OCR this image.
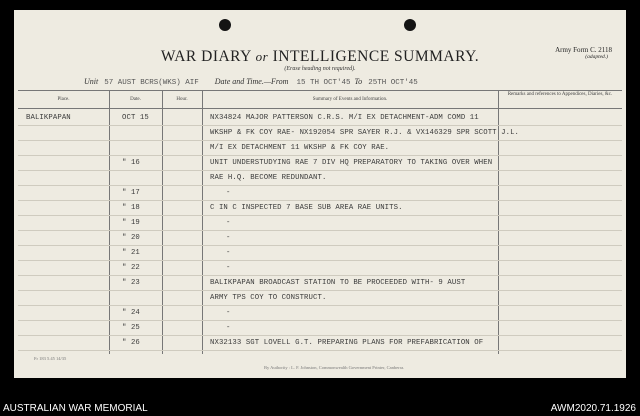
WAR DIARY or INTELLIGENCE SUMMARY.
(Erase heading not required).
Army Form C. 2118
(adapted.)
Unit 57 AUST BCRS(WKS) AIF Date and Time.—From 15 TH OCT'45 To 25TH OCT'45
Place.	Date.	Hour.	Summary of Events and Information.
Remarks and references to Appendices, Diaries, &c.
BALIKPAPAN	OCT 15	NX34824 MAJOR PATTERSON C.R.S. M/I EX DETACHMENT-ADM COMD 11
WKSHP & FK COY RAE- NX192054 SPR SAYER R.J. & VX146329 SPR SCOTT J.L.
M/I EX DETACHMENT 11 WKSHP & FK COY RAE.
" 16	UNIT UNDERSTUDYING RAE 7 DIV HQ PREPARATORY TO TAKING OVER WHEN
RAE H.Q. BECOME REDUNDANT.
" 17	-
" 18	C IN C INSPECTED 7 BASE SUB AREA RAE UNITS.
" 19	-
" 20	-
" 21	-
" 22	-
" 23	BALIKPAPAN BROADCAST STATION TO BE PROCEEDED WITH- 9 AUST
ARMY TPS COY TO CONSTRUCT.
" 24	-
" 25	-
" 26	NX32133 SGT LOVELL G.T. PREPARING PLANS FOR PREFABRICATION OF
Fr 183 5.45 14/35
By Authority : L. F. Johnston, Commonwealth Government Printer, Canberra.
AUSTRALIAN WAR MEMORIAL	AWM2020.71.1926
